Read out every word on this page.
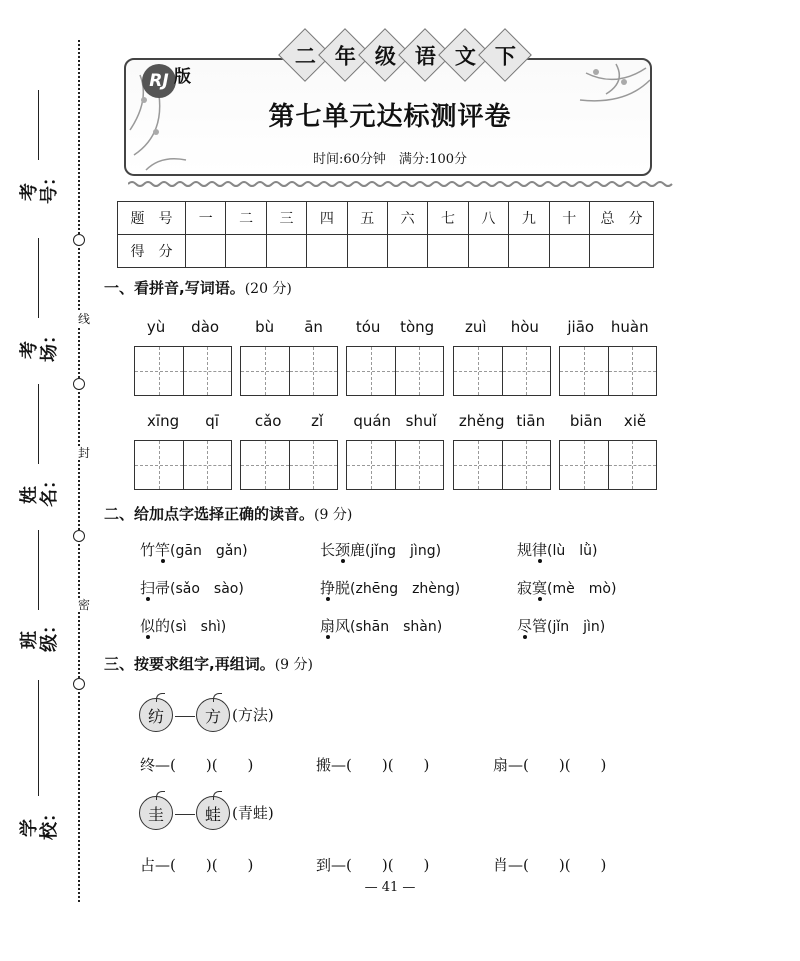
线
封
密
考号：
考场：
姓名：
班级：
学校：
二 年 级 语 文 下
RJ 版
第七单元达标测评卷
时间:60分钟　满分:100分
题　号	一	二	三	四	五	六	七	八	九	十	总　分
得　分											
一、看拼音,写词语。(20 分)
yù dào bù ān tóu tòng zuì hòu jiāo huàn
xīng qī cǎo zǐ quán shuǐ zhěng tiān biān xiě
二、给加点字选择正确的读音。(9 分)
竹竿(gān　gǎn)	长颈鹿(jǐng　jìng)	规律(lù　lǜ)
扫帚(sǎo　sào)	挣脱(zhēng　zhèng)	寂寞(mè　mò)
似的(sì　shì)	扇风(shān　shàn)	尽管(jǐn　jìn)
三、按要求组字,再组词。(9 分)
纺	方 (方法)
终—(　　)(　　)	搬—(　　)(　　)	扇—(　　)(　　)
圭	蛙 (青蛙)
占—(　　)(　　)	到—(　　)(　　)	肖—(　　)(　　)
— 41 —
